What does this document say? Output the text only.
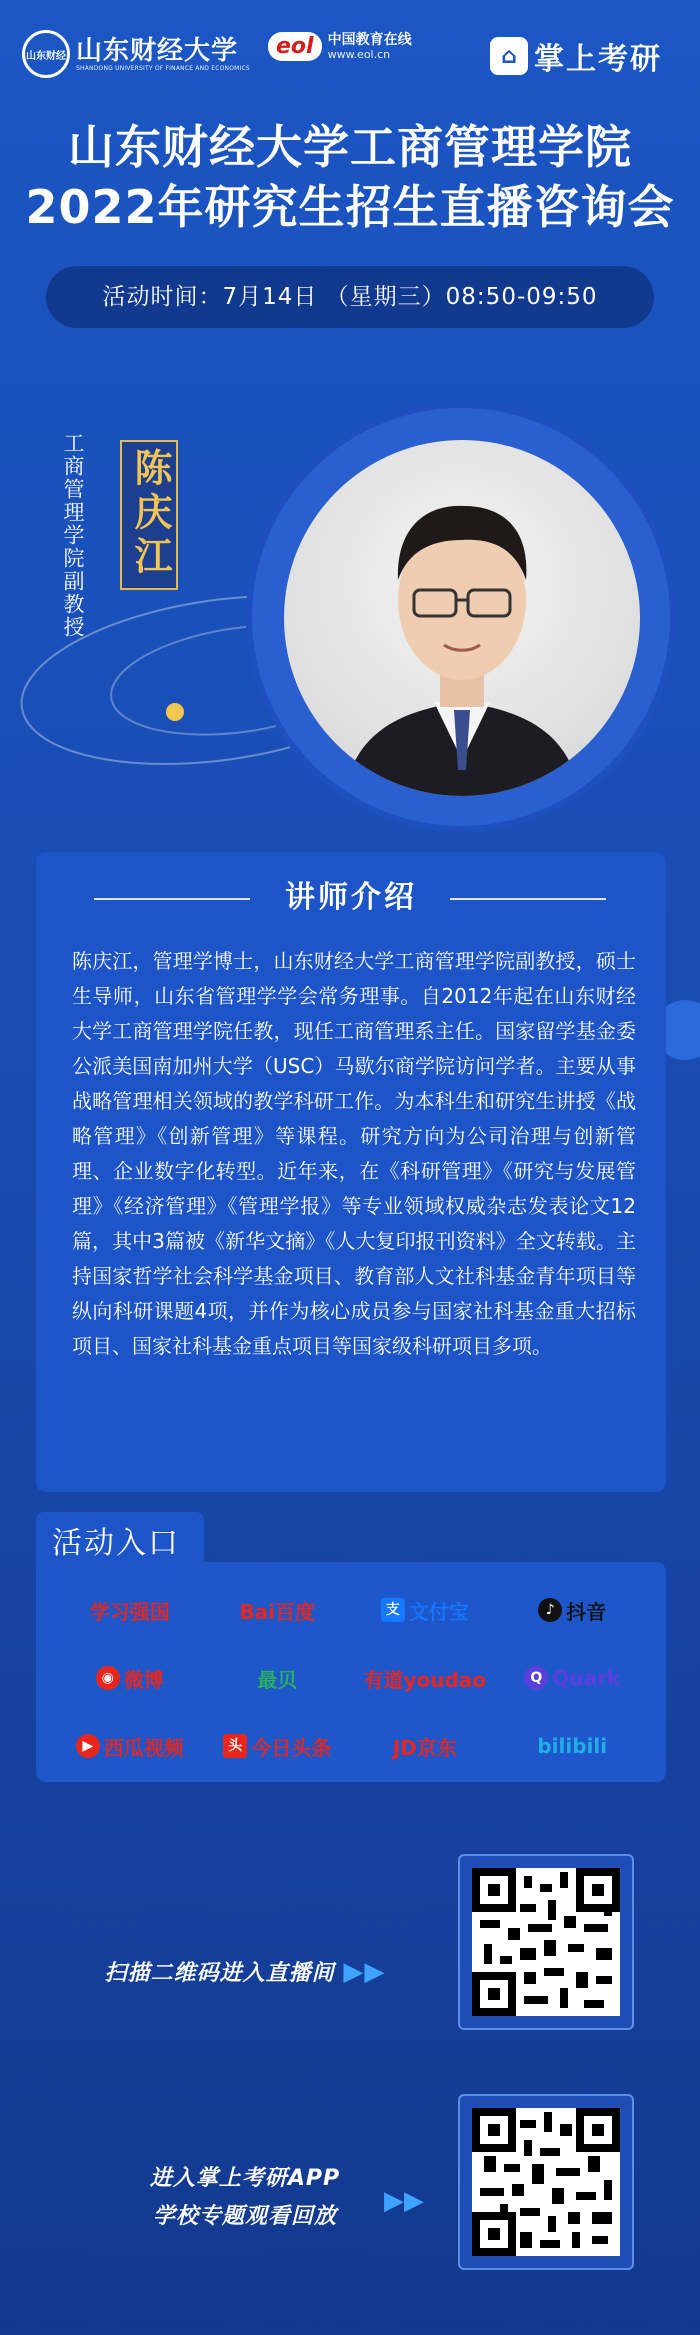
山东财经 山东财经大学
SHANDONG UNIVERSITY OF FINANCE AND ECONOMICS
eol	中国教育在线
www.eol.cn	⌂ 掌上考研
山东财经大学工商管理学院
2022年研究生招生直播咨询会
活动时间：7月14日 （星期三）08:50-09:50
工商管理学院副教授 陈庆江
讲师介绍
陈庆江，管理学博士，山东财经大学工商管理学院副教授，硕士生导师，山东省管理学学会常务理事。自2012年起在山东财经大学工商管理学院任教，现任工商管理系主任。国家留学基金委公派美国南加州大学（USC）马歇尔商学院访问学者。主要从事战略管理相关领域的教学科研工作。为本科生和研究生讲授《战略管理》《创新管理》等课程。研究方向为公司治理与创新管理、企业数字化转型。近年来，在《科研管理》《研究与发展管理》《经济管理》《管理学报》等专业领域权威杂志发表论文12篇，其中3篇被《新华文摘》《人大复印报刊资料》全文转载。主持国家哲学社会科学基金项目、教育部人文社科基金青年项目等纵向科研课题4项，并作为核心成员参与国家社科基金重大招标项目、国家社科基金重点项目等国家级科研项目多项。
活动入口
学习强国	Bai百度	支 文付宝	♪ 抖音
◉ 微博	最贝	有道youdao	Q Quark
▶ 西瓜视频	头 今日头条	JD京东	bilibili
扫描二维码进入直播间 ▶▶
进入掌上考研APP
学校专题观看回放
▶▶
